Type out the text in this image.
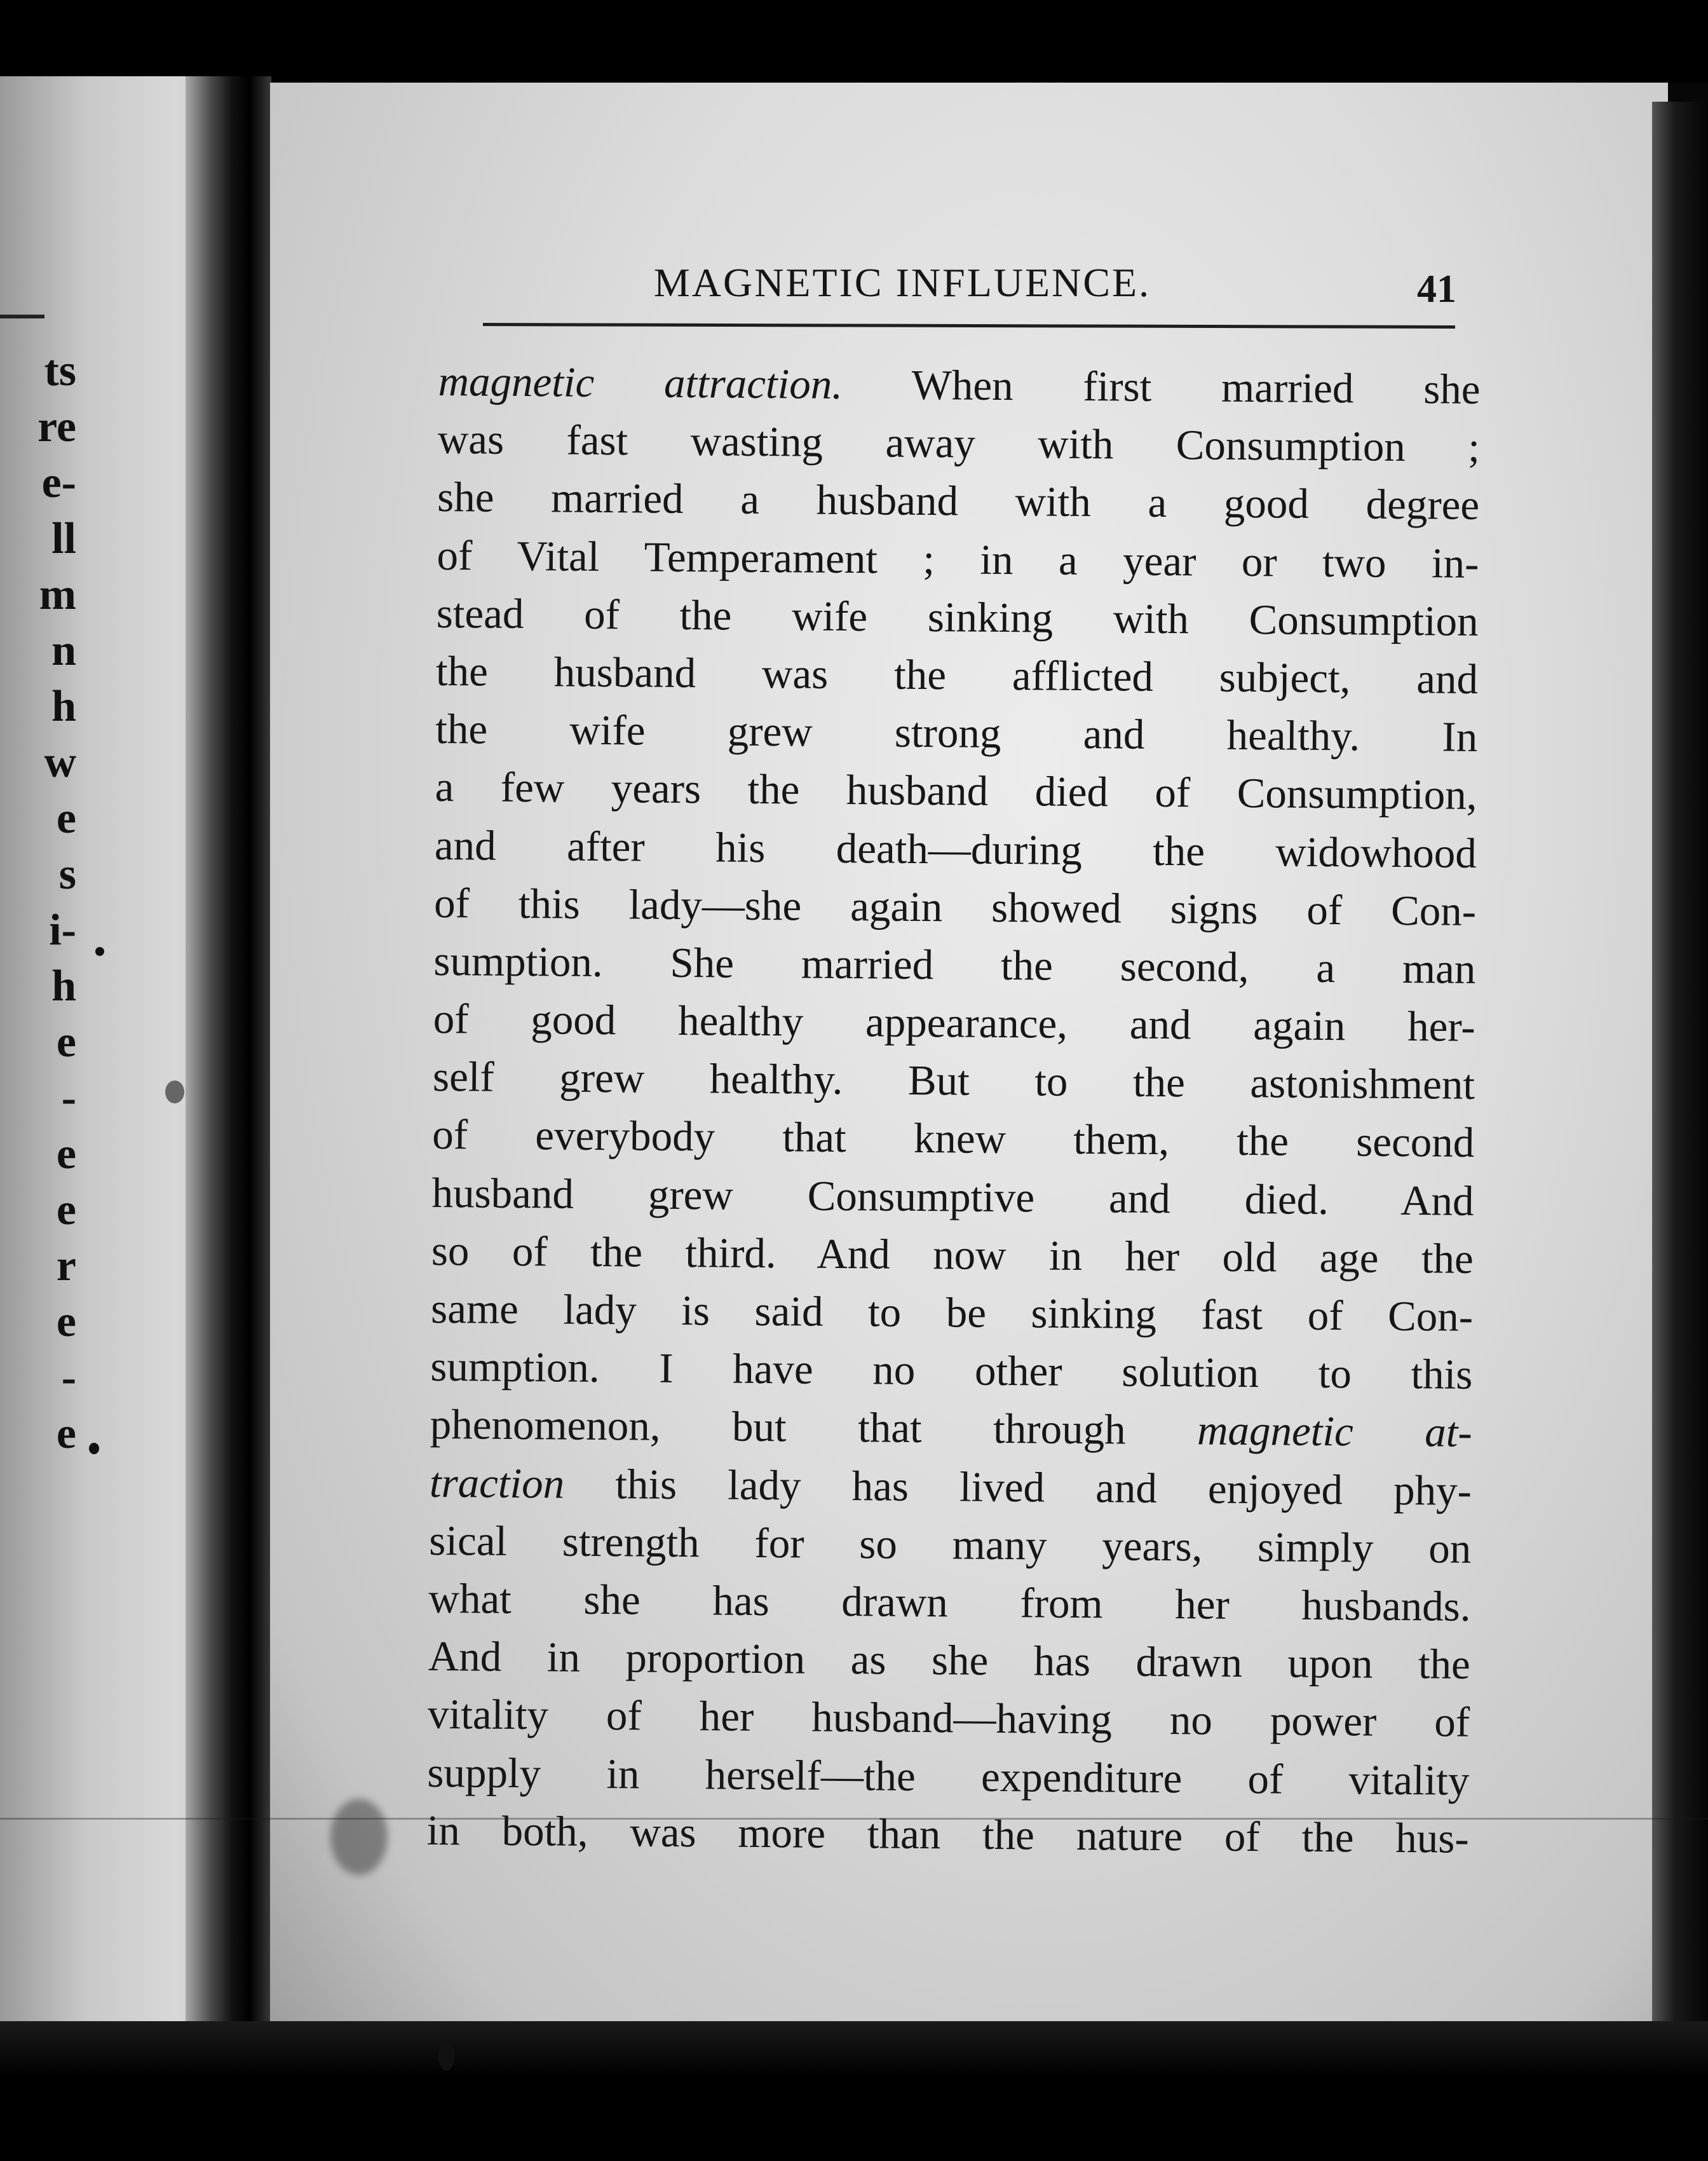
ts
re
e-
ll
m
n
h
w
e
s
i-
h
e
-
e
e
r
e
-
e
MAGNETIC INFLUENCE.	41
magnetic attraction. When first married she
was fast wasting away with Consumption ;
she married a husband with a good degree
of Vital Temperament ; in a year or two in-
stead of the wife sinking with Consumption
the husband was the afflicted subject, and
the wife grew strong and healthy. In
a few years the husband died of Consumption,
and after his death—during the widowhood
of this lady—she again showed signs of Con-
sumption. She married the second, a man
of good healthy appearance, and again her-
self grew healthy. But to the astonishment
of everybody that knew them, the second
husband grew Consumptive and died. And
so of the third. And now in her old age the
same lady is said to be sinking fast of Con-
sumption. I have no other solution to this
phenomenon, but that through magnetic at-
traction this lady has lived and enjoyed phy-
sical strength for so many years, simply on
what she has drawn from her husbands.
And in proportion as she has drawn upon the
vitality of her husband—having no power of
supply in herself—the expenditure of vitality
in both, was more than the nature of the hus-
